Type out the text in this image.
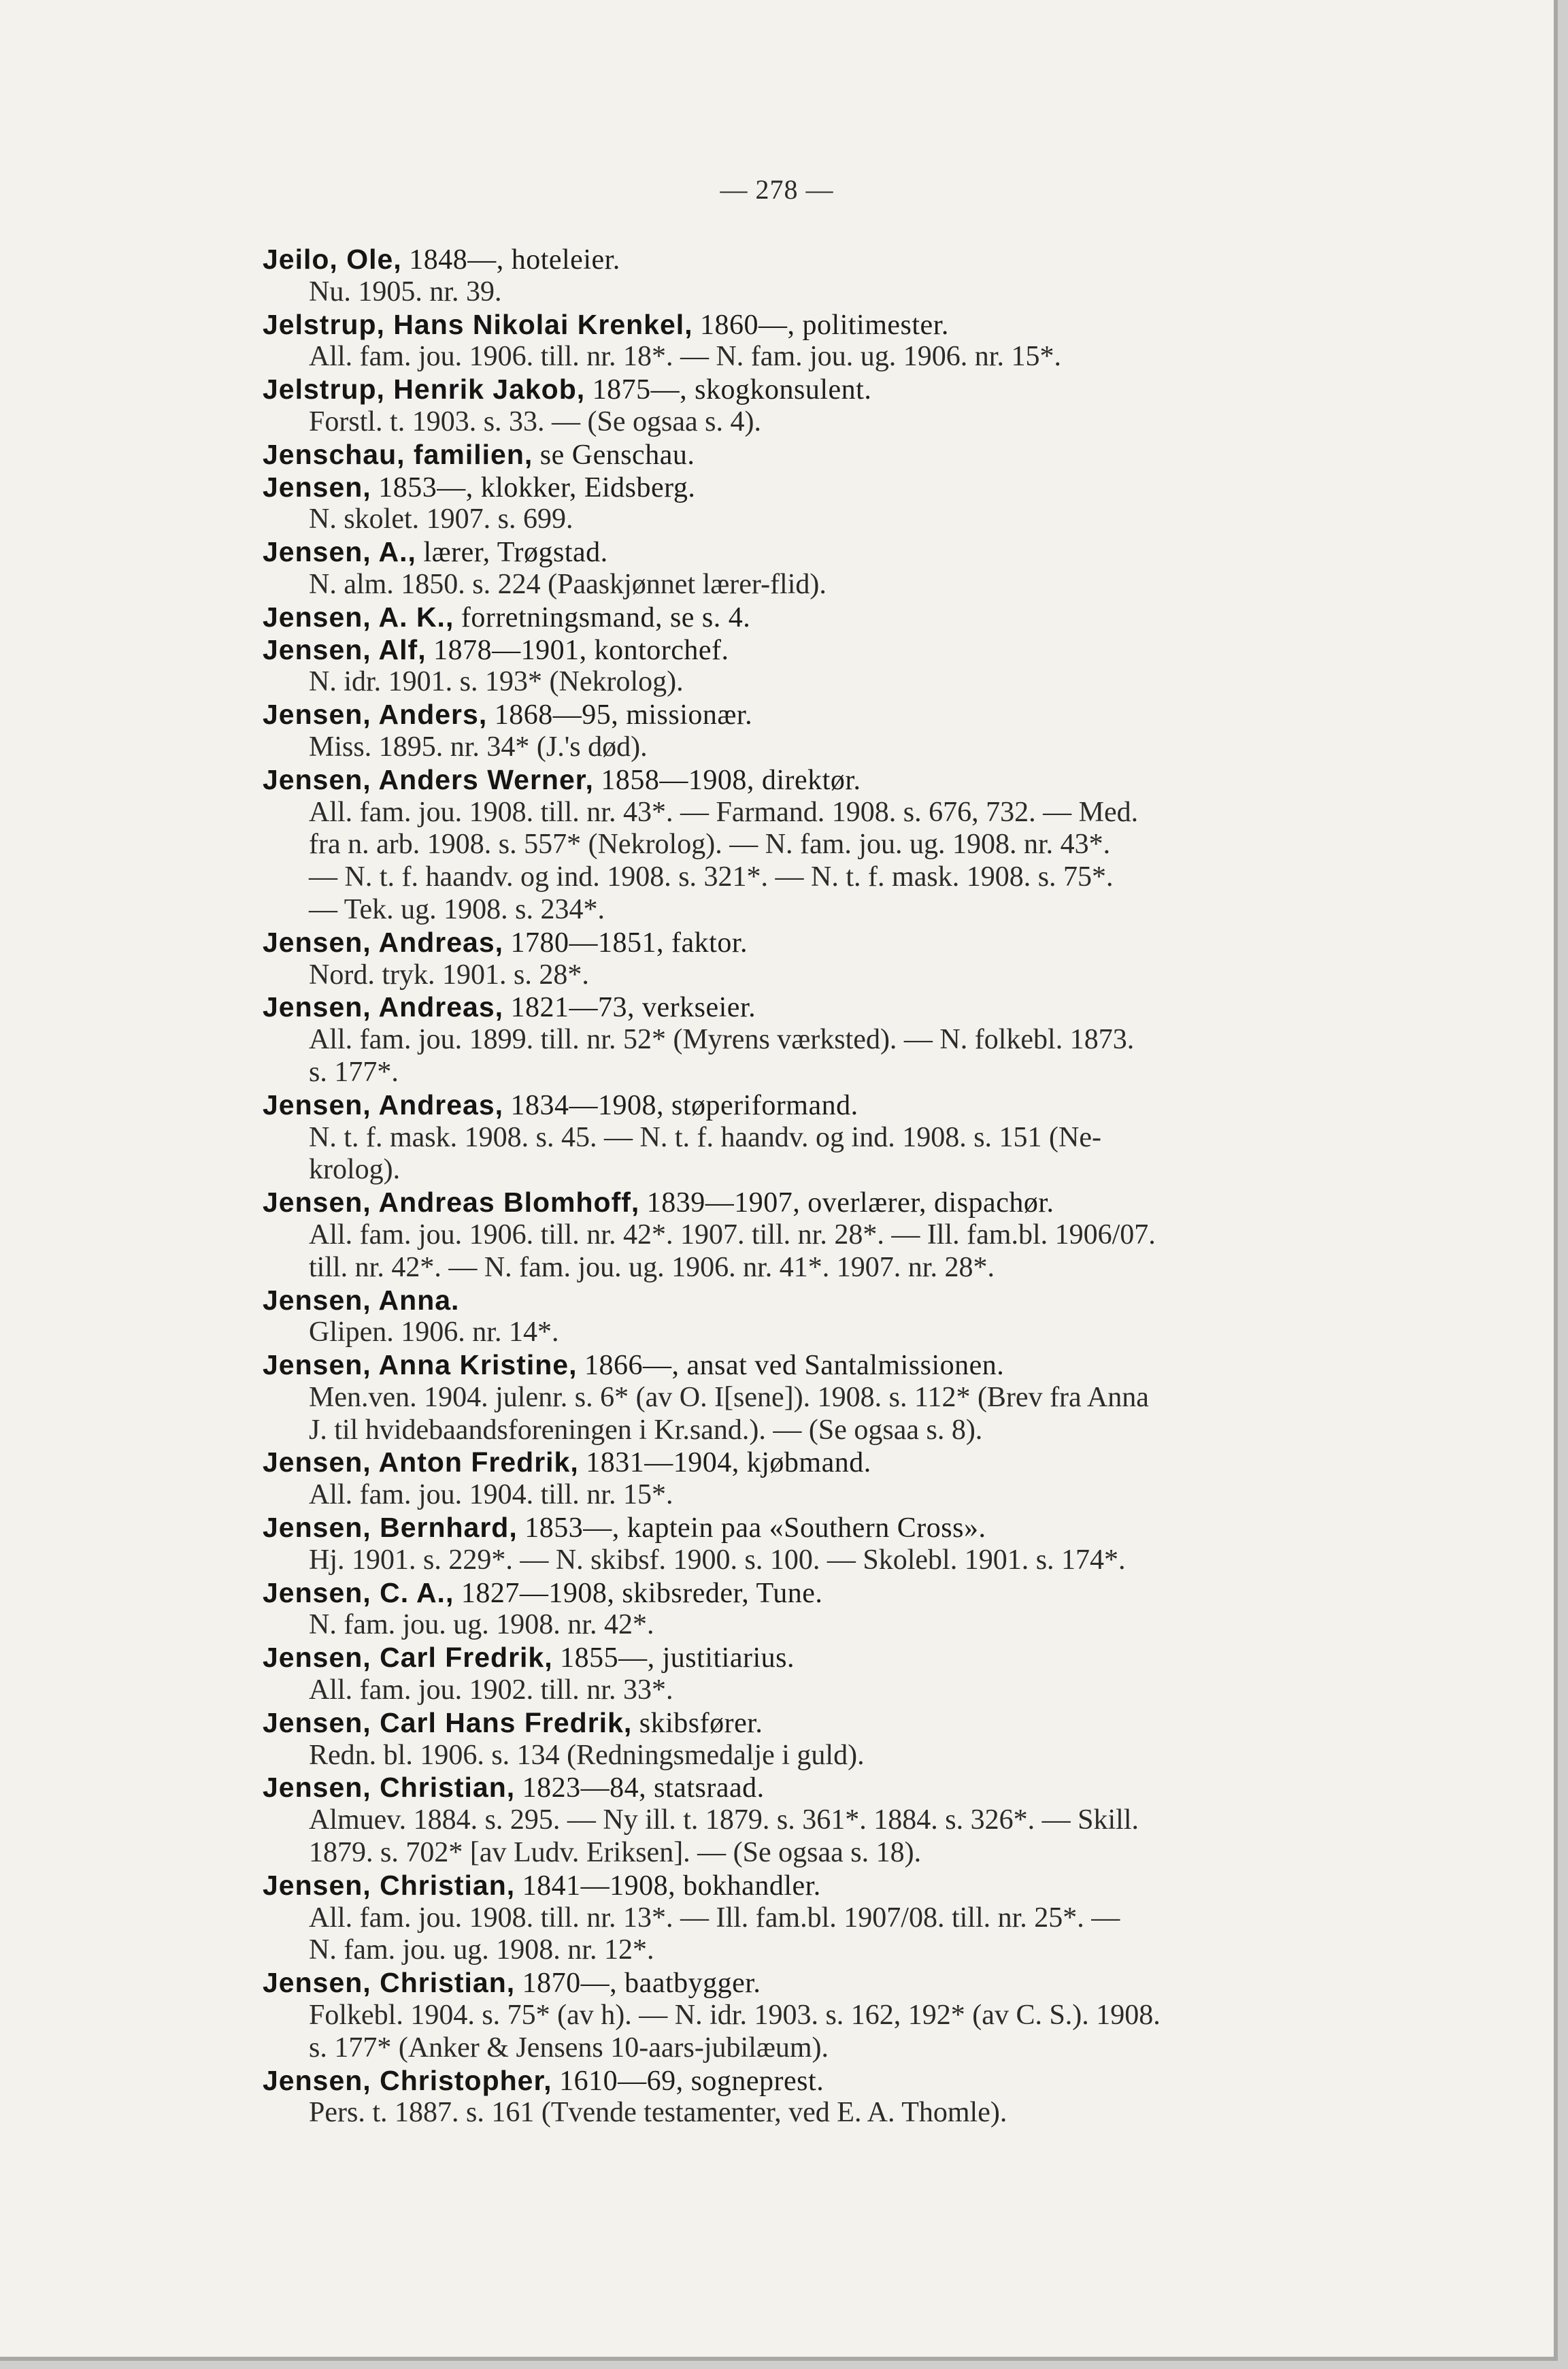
— 278 —
Jeilo, Ole, 1848—, hoteleier.
Nu. 1905. nr. 39.
Jelstrup, Hans Nikolai Krenkel, 1860—, politimester.
All. fam. jou. 1906. till. nr. 18*. — N. fam. jou. ug. 1906. nr. 15*.
Jelstrup, Henrik Jakob, 1875—, skogkonsulent.
Forstl. t. 1903. s. 33. — (Se ogsaa s. 4).
Jenschau, familien, se Genschau.
Jensen, 1853—, klokker, Eidsberg.
N. skolet. 1907. s. 699.
Jensen, A., lærer, Trøgstad.
N. alm. 1850. s. 224 (Paaskjønnet lærer-flid).
Jensen, A. K., forretningsmand, se s. 4.
Jensen, Alf, 1878—1901, kontorchef.
N. idr. 1901. s. 193* (Nekrolog).
Jensen, Anders, 1868—95, missionær.
Miss. 1895. nr. 34* (J.'s død).
Jensen, Anders Werner, 1858—1908, direktør.
All. fam. jou. 1908. till. nr. 43*. — Farmand. 1908. s. 676, 732. — Med.
fra n. arb. 1908. s. 557* (Nekrolog). — N. fam. jou. ug. 1908. nr. 43*.
— N. t. f. haandv. og ind. 1908. s. 321*. — N. t. f. mask. 1908. s. 75*.
— Tek. ug. 1908. s. 234*.
Jensen, Andreas, 1780—1851, faktor.
Nord. tryk. 1901. s. 28*.
Jensen, Andreas, 1821—73, verkseier.
All. fam. jou. 1899. till. nr. 52* (Myrens værksted). — N. folkebl. 1873.
s. 177*.
Jensen, Andreas, 1834—1908, støperiformand.
N. t. f. mask. 1908. s. 45. — N. t. f. haandv. og ind. 1908. s. 151 (Ne-
krolog).
Jensen, Andreas Blomhoff, 1839—1907, overlærer, dispachør.
All. fam. jou. 1906. till. nr. 42*. 1907. till. nr. 28*. — Ill. fam.bl. 1906/07.
till. nr. 42*. — N. fam. jou. ug. 1906. nr. 41*. 1907. nr. 28*.
Jensen, Anna.
Glipen. 1906. nr. 14*.
Jensen, Anna Kristine, 1866—, ansat ved Santalmissionen.
Men.ven. 1904. julenr. s. 6* (av O. I[sene]). 1908. s. 112* (Brev fra Anna
J. til hvidebaandsforeningen i Kr.sand.). — (Se ogsaa s. 8).
Jensen, Anton Fredrik, 1831—1904, kjøbmand.
All. fam. jou. 1904. till. nr. 15*.
Jensen, Bernhard, 1853—, kaptein paa «Southern Cross».
Hj. 1901. s. 229*. — N. skibsf. 1900. s. 100. — Skolebl. 1901. s. 174*.
Jensen, C. A., 1827—1908, skibsreder, Tune.
N. fam. jou. ug. 1908. nr. 42*.
Jensen, Carl Fredrik, 1855—, justitiarius.
All. fam. jou. 1902. till. nr. 33*.
Jensen, Carl Hans Fredrik, skibsfører.
Redn. bl. 1906. s. 134 (Redningsmedalje i guld).
Jensen, Christian, 1823—84, statsraad.
Almuev. 1884. s. 295. — Ny ill. t. 1879. s. 361*. 1884. s. 326*. — Skill.
1879. s. 702* [av Ludv. Eriksen]. — (Se ogsaa s. 18).
Jensen, Christian, 1841—1908, bokhandler.
All. fam. jou. 1908. till. nr. 13*. — Ill. fam.bl. 1907/08. till. nr. 25*. —
N. fam. jou. ug. 1908. nr. 12*.
Jensen, Christian, 1870—, baatbygger.
Folkebl. 1904. s. 75* (av h). — N. idr. 1903. s. 162, 192* (av C. S.). 1908.
s. 177* (Anker & Jensens 10-aars-jubilæum).
Jensen, Christopher, 1610—69, sogneprest.
Pers. t. 1887. s. 161 (Tvende testamenter, ved E. A. Thomle).
